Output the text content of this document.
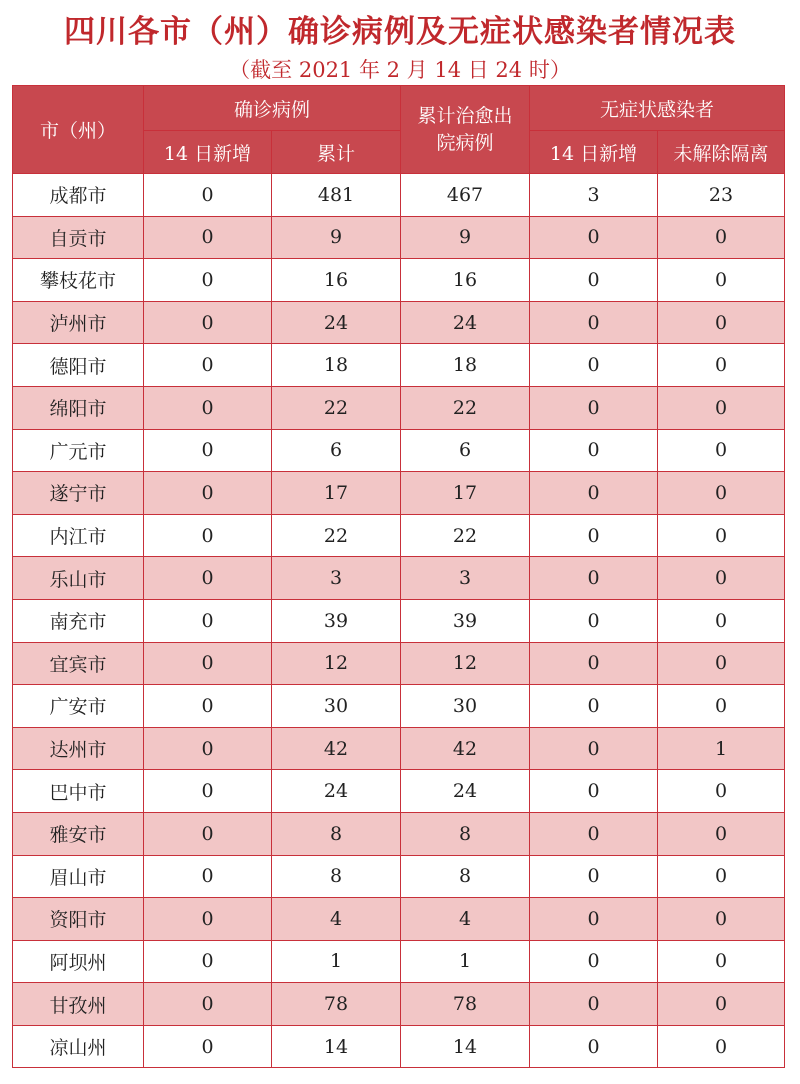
四川各市（州）确诊病例及无症状感染者情况表
（截至 2021 年 2 月 14 日 24 时）
市（州）	确诊病例		累计治愈出院病例	无症状感染者	
	14 日新增	累计		14 日新增	未解除隔离
成都市	0	481	467	3	23
自贡市	0	9	9	0	0
攀枝花市	0	16	16	0	0
泸州市	0	24	24	0	0
德阳市	0	18	18	0	0
绵阳市	0	22	22	0	0
广元市	0	6	6	0	0
遂宁市	0	17	17	0	0
内江市	0	22	22	0	0
乐山市	0	3	3	0	0
南充市	0	39	39	0	0
宜宾市	0	12	12	0	0
广安市	0	30	30	0	0
达州市	0	42	42	0	1
巴中市	0	24	24	0	0
雅安市	0	8	8	0	0
眉山市	0	8	8	0	0
资阳市	0	4	4	0	0
阿坝州	0	1	1	0	0
甘孜州	0	78	78	0	0
凉山州	0	14	14	0	0
